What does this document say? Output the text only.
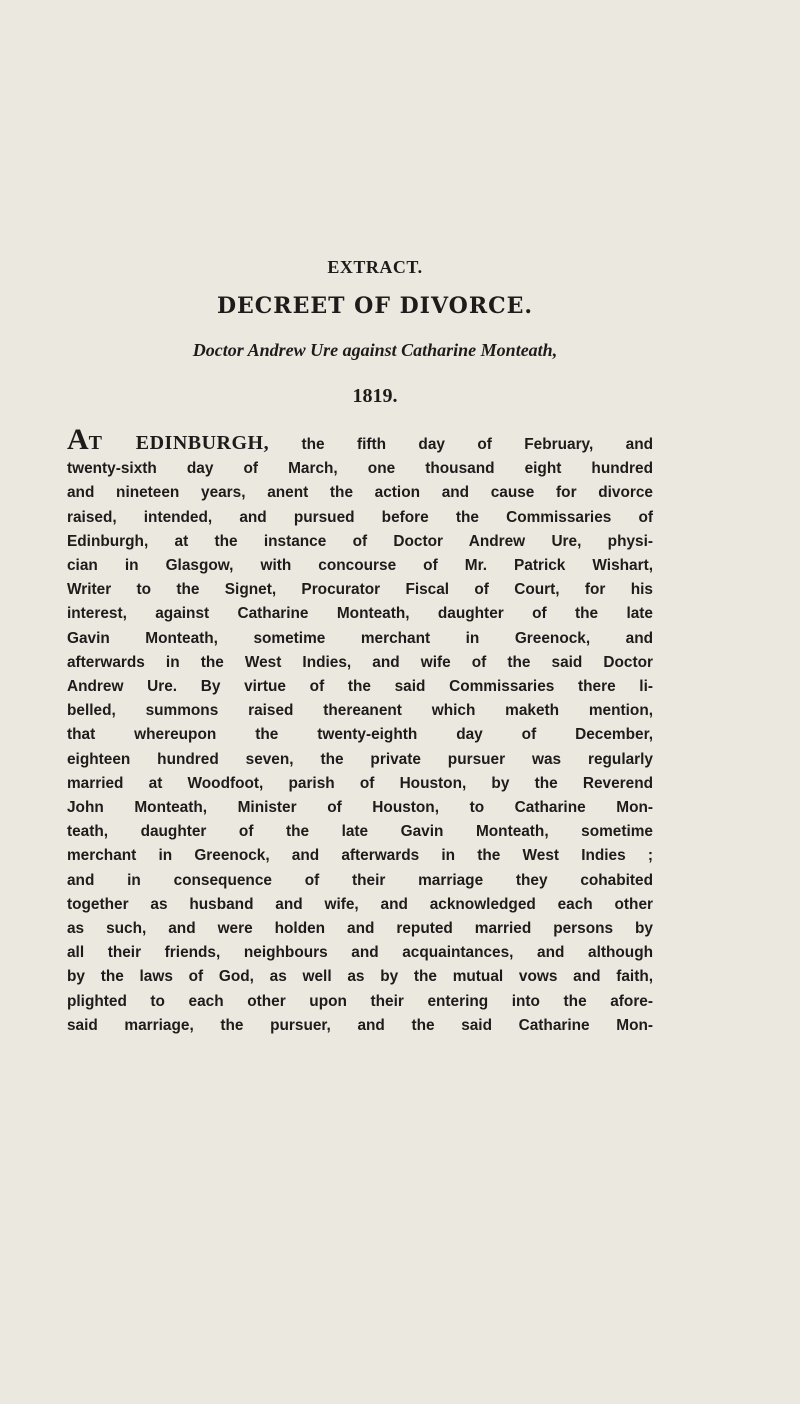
EXTRACT.
DECREET OF DIVORCE.
Doctor Andrew Ure against Catharine Monteath,
1819.
AT EDINBURGH, the fifth day of February, and
twenty-sixth day of March, one thousand eight hundred
and nineteen years, anent the action and cause for divorce
raised, intended, and pursued before the Commissaries of
Edinburgh, at the instance of Doctor Andrew Ure, physi-
cian in Glasgow, with concourse of Mr. Patrick Wishart,
Writer to the Signet, Procurator Fiscal of Court, for his
interest, against Catharine Monteath, daughter of the late
Gavin Monteath, sometime merchant in Greenock, and
afterwards in the West Indies, and wife of the said Doctor
Andrew Ure. By virtue of the said Commissaries there li-
belled, summons raised thereanent which maketh mention,
that whereupon the twenty-eighth day of December,
eighteen hundred seven, the private pursuer was regularly
married at Woodfoot, parish of Houston, by the Reverend
John Monteath, Minister of Houston, to Catharine Mon-
teath, daughter of the late Gavin Monteath, sometime
merchant in Greenock, and afterwards in the West Indies ;
and in consequence of their marriage they cohabited
together as husband and wife, and acknowledged each other
as such, and were holden and reputed married persons by
all their friends, neighbours and acquaintances, and although
by the laws of God, as well as by the mutual vows and faith,
plighted to each other upon their entering into the afore-
said marriage, the pursuer, and the said Catharine Mon-
